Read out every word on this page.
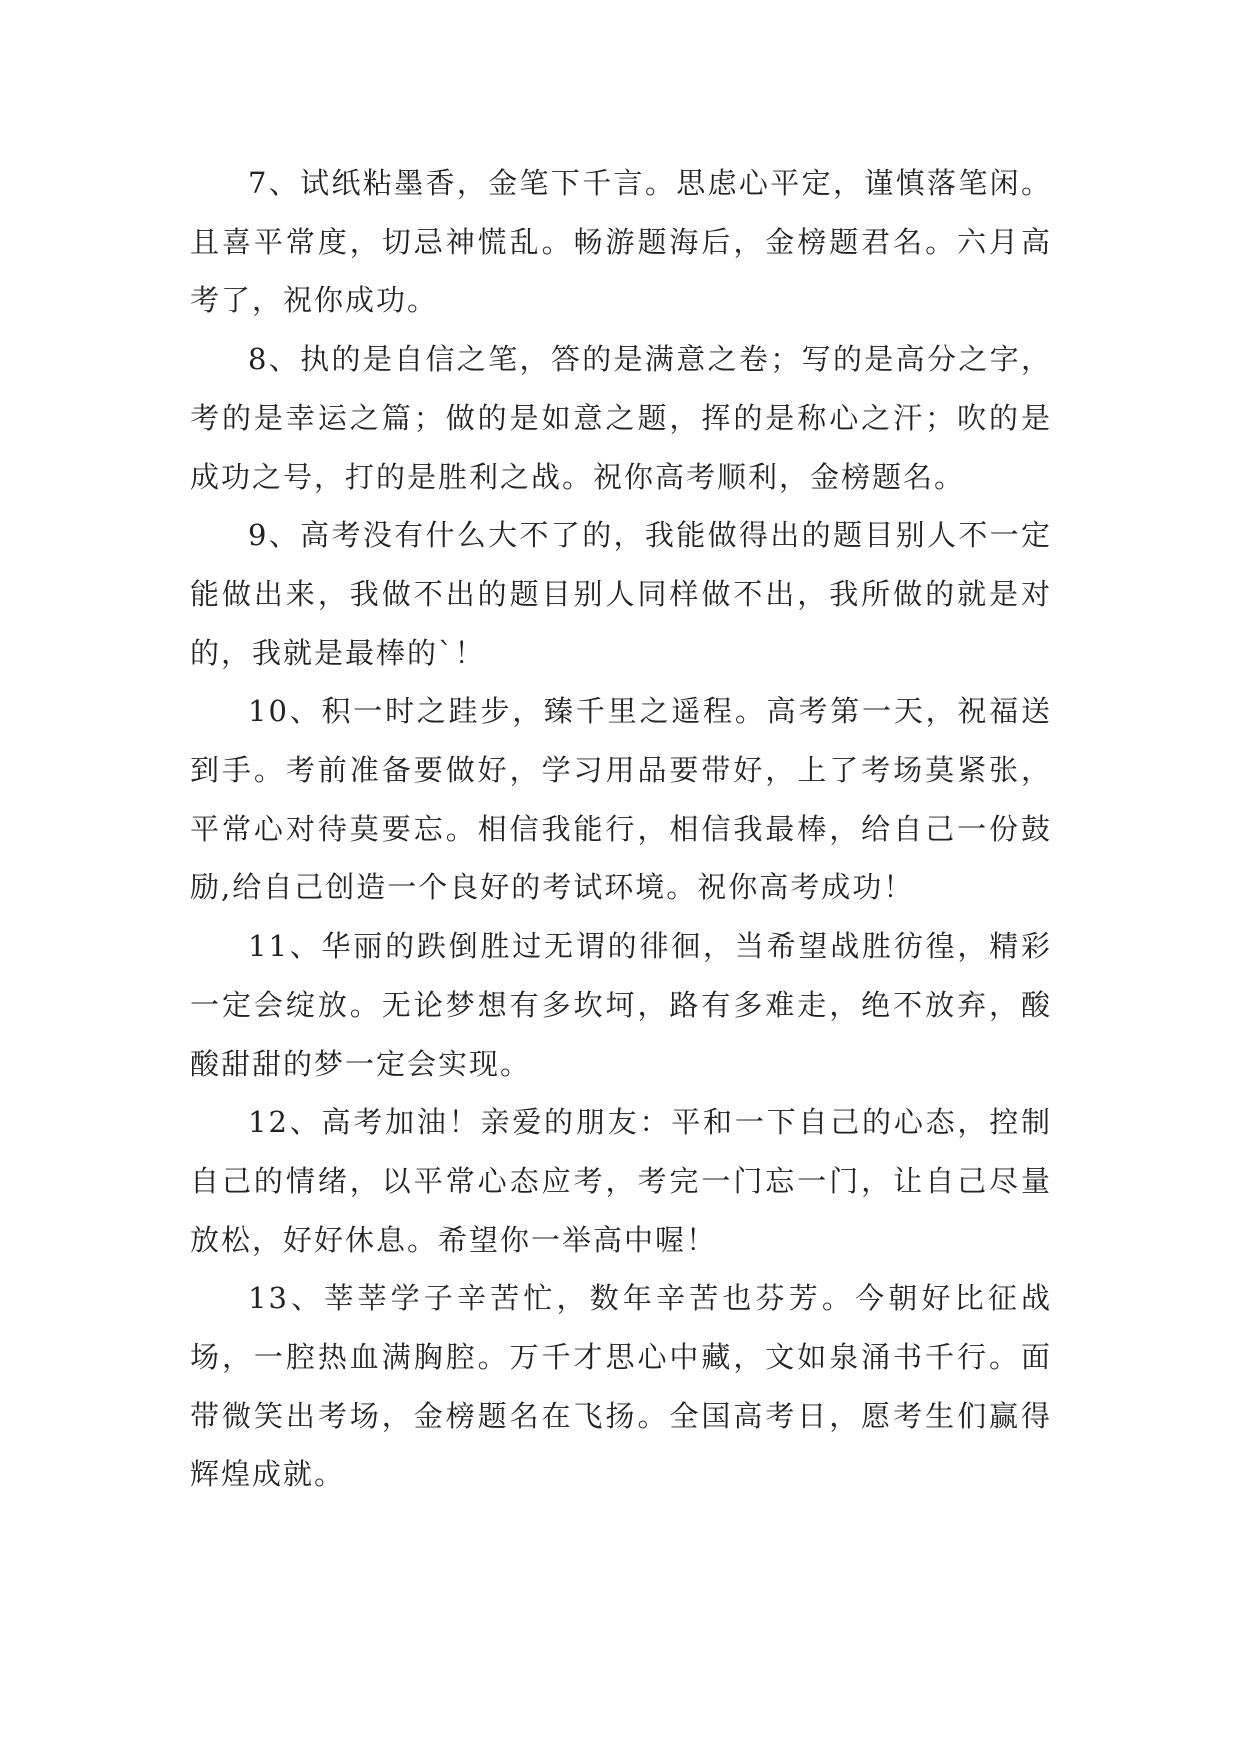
7、试纸粘墨香，金笔下千言。思虑心平定，谨慎落笔闲。且喜平常度，切忌神慌乱。畅游题海后，金榜题君名。六月高考了，祝你成功。

8、执的是自信之笔，答的是满意之卷；写的是高分之字，考的是幸运之篇；做的是如意之题，挥的是称心之汗；吹的是成功之号，打的是胜利之战。祝你高考顺利，金榜题名。

9、高考没有什么大不了的，我能做得出的题目别人不一定能做出来，我做不出的题目别人同样做不出，我所做的就是对的，我就是最棒的`！

10、积一时之跬步，臻千里之遥程。高考第一天，祝福送到手。考前准备要做好，学习用品要带好，上了考场莫紧张，平常心对待莫要忘。相信我能行，相信我最棒，给自己一份鼓励,给自己创造一个良好的考试环境。祝你高考成功！

11、华丽的跌倒胜过无谓的徘徊，当希望战胜彷徨，精彩一定会绽放。无论梦想有多坎坷，路有多难走，绝不放弃，酸酸甜甜的梦一定会实现。

12、高考加油！亲爱的朋友：平和一下自己的心态，控制自己的情绪，以平常心态应考，考完一门忘一门，让自己尽量放松，好好休息。希望你一举高中喔！

13、莘莘学子辛苦忙，数年辛苦也芬芳。今朝好比征战场，一腔热血满胸腔。万千才思心中藏，文如泉涌书千行。面带微笑出考场，金榜题名在飞扬。全国高考日，愿考生们赢得辉煌成就。
